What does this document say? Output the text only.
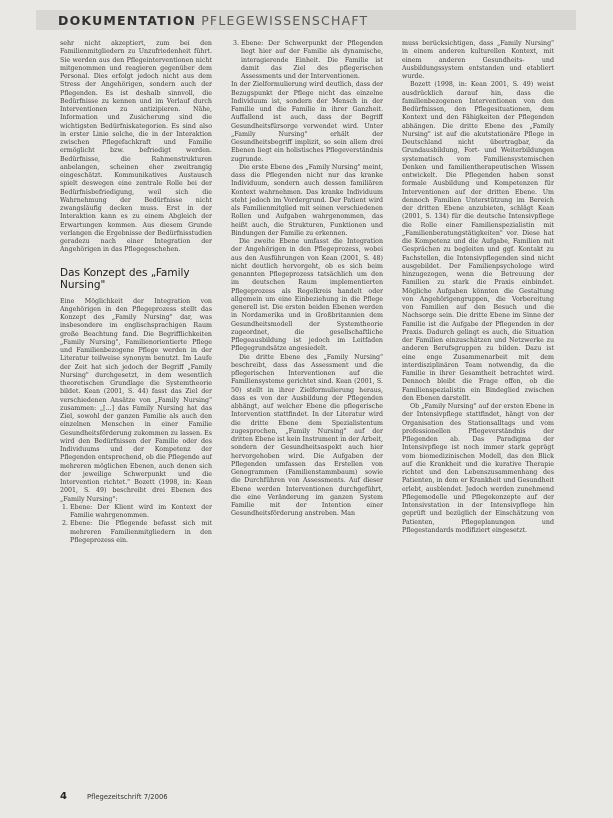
DOKUMENTATION PFLEGEWISSENSCHAFT

sehr nicht akzeptiert, zum bei den Familienmitgliedern zu Unzufriedenheit führt. Sie werden aus den Pflegeinterventionen nicht mitgenommen und reagieren gegenüber dem Personal. Dies erfolgt jedoch nicht aus dem Stress der Angehörigen, sondern auch der Pflegenden. Es ist deshalb sinnvoll, die Bedürfnisse zu kennen und im Verlauf durch Interventionen zu antizipieren. Nähe, Information und Zusicherung sind die wichtigsten Bedürfniskategorien. Es sind also in erster Linie solche, die in der Interaktion zwischen Pflegefachkraft und Familie ermöglicht bzw. befriedigt werden. Bedürfnisse, die Rahmenstrukturen anbelangen, scheinen eher zweitrangig eingeschätzt. Kommunikatives Austausch spielt deswegen eine zentrale Rolle bei der Bedürfnisbefriedigung, weil sich die Wahrnehmung der Bedürfnisse nicht zwangsläufig decken muss. Erst in der Interaktion kann es zu einem Abgleich der Erwartungen kommen. Aus diesem Grunde verlangen die Ergebnisse der Bedürfnisstudien geradezu nach einer Integration der Angehörigen in das Pflegegeschehen.

Das Konzept des „Family Nursing"

Eine Möglichkeit der Integration von Angehörigen in den Pflegeprozess stellt das Konzept des „Family Nursing" dar, was insbesondere im englischsprachigen Raum große Beachtung fand. Die Begrifflichkeiten „Family Nursing", Familienorientierte Pflege und Familienbezogene Pflege werden in der Literatur teilweise synonym benutzt. Im Laufe der Zeit hat sich jedoch der Begriff „Family Nursing" durchgesetzt, in dem wesentlich theoretischen Grundlage die Systemtheorie bildet. Kean (2001, S. 44) fasst das Ziel der verschiedenen Ansätze von „Family Nursing" zusammen: „[...] das Family Nursing hat das Ziel, sowohl der ganzen Familie als auch den einzelnen Menschen in einer Familie Gesundheitsförderung zukommen zu lassen. Es wird den Bedürfnissen der Familie oder des Individuums und der Kompetenz der Pflegenden entsprechend, ob die Pflegende auf mehreren möglichen Ebenen, auch denen sich der jeweilige Schwerpunkt und die Intervention richtet." Bozett (1998, in: Kean 2001, S. 49) beschreibt drei Ebenen des „Family Nursing":

1. Ebene: Der Klient wird im Kontext der Familie wahrgenommen.
2. Ebene: Die Pflegende befasst sich mit mehreren Familienmitgliedern in den Pflegeprozess ein.
3. Ebene: Der Schwerpunkt der Pflegenden liegt hier auf der Familie als dynamische, interagierende Einheit. Die Familie ist damit das Ziel des pflegerischen Assessments und der Interventionen.

In der Zielformulierung wird deutlich, dass der Bezugspunkt der Pflege nicht das einzelne Individuum ist, sondern der Mensch in der Familie und die Familie in ihrer Ganzheit. Auffallend ist auch, dass der Begriff Gesundheitsfürsorge verwendet wird. Unter „Family Nursing" erhält der Gesundheitsbegriff implizit, so sein allem drei Ebenen liegt ein holistisches Pflegeverständnis zugrunde.

Die erste Ebene des „Family Nursing" meint, dass die Pflegenden nicht nur das kranke Individuum, sondern auch dessen familiären Kontext wahrnehmen. Das kranke Individuum steht jedoch im Vordergrund. Der Patient wird als Familienmitglied mit seinen verschiedenen Rollen und Aufgaben wahrgenommen, das heißt auch, die Strukturen, Funktionen und Bindungen der Familie zu erkennen.

Die zweite Ebene umfasst die Integration der Angehörigen in den Pflegeprozess, wobei aus den Ausführungen von Kean (2001, S. 48) nicht deutlich hervorgeht, ob es sich beim genannten Pflegeprozess tatsächlich um den im deutschen Raum implementierten Pflegeprozess als Regelkreis handelt oder allgemein um eine Einbeziehung in die Pflege generell ist. Die ersten beiden Ebenen werden in Nordamerika und in Großbritannien dem Gesundheitsmodell der Systemtheorie zugeordnet, die gesellschaftliche Pflegeausbildung ist jedoch im Leitfaden Pflegegrundsätze angesiedelt.

Die dritte Ebene des „Family Nursing" beschreibt, dass das Assessment und die pflegerischen Interventionen auf die Familiensysteme gerichtet sind. Kean (2001, S. 50) stellt in ihrer Zielformulierung heraus, dass es von der Ausbildung der Pflegenden abhängt, auf welcher Ebene die pflegerische Intervention stattfindet. In der Literatur wird die dritte Ebene dem Spezialistentum zugesprochen, „Family Nursing" auf der dritten Ebene ist kein Instrument in der Arbeit, sondern der Gesundheitsaspekt auch hier hervorgehoben wird. Die Aufgaben der Pflegenden umfassen das Erstellen von Genogrammen (Familienstammbaum) sowie die Durchführen von Assessments. Auf dieser Ebene werden Interventionen durchgeführt, die eine Veränderung im ganzen System Familie mit der Intention einer Gesundheitsförderung anstreben. Man

muss berücksichtigen, dass „Family Nursing" in einem anderen kulturellen Kontext, mit einem anderen Gesundheits- und Ausbildungssystem entstanden und etabliert wurde.

Bozett (1998, in: Kean 2001, S. 49) weist ausdrücklich darauf hin, dass die familienbezogenen Interventionen von den Bedürfnissen, den Pflegesituationen, dem Kontext und den Fähigkeiten der Pflegenden abhängen. Die dritte Ebene des „Family Nursing" ist auf die akutstationäre Pflege in Deutschland nicht übertragbar, da Grundausbildung, Fort- und Weiterbildungen systematisch vom Familiensystemischen Denken und familientherapeutischen Wissen entwickelt. Die Pflegenden haben sonst formale Ausbildung und Kompetenzen für Interventionen auf der dritten Ebene. Um dennoch Familien Unterstützung im Bereich der dritten Ebene anzubieten, schlägt Kean (2001, S. 134) für die deutsche Intensivpflege die Rolle einer Familienspezialistin mit „Familienberatungstätigkeiten" vor. Diese hat die Kompetenz und die Aufgabe, Familien mit Gesprächen zu begleiten und ggf. Kontakt zu Fachstellen, die Intensivpflegenden sind nicht ausgebildet. Der Familienpsychologe wird hinzugezogen, wenn die Betreuung der Familien zu stark die Praxis einbindet. Mögliche Aufgaben könnten die Gestaltung von Angehörigengruppen, die Vorbereitung von Familien auf den Besuch und die Nachsorge sein. Die dritte Ebene im Sinne der Familie ist die Aufgabe der Pflegenden in der Praxis. Dadurch gelingt es auch, die Situation der Familien einzuschätzen und Netzwerke zu anderen Berufsgruppen zu bilden. Dazu ist eine enge Zusammenarbeit mit dem interdisziplinären Team notwendig, da die Familie in ihrer Gesamtheit betrachtet wird. Dennoch bleibt die Frage offen, ob die Familienspezialistin ein Bindeglied zwischen den Ebenen darstellt.

Ob „Family Nursing" auf der ersten Ebene in der Intensivpflege stattfindet, hängt von der Organisation des Stationsalltags und vom professionellen Pflegeverständnis der Pflegenden ab. Das Paradigma der Intensivpflege ist noch immer stark geprägt vom biomedizinischen Modell, das den Blick auf die Krankheit und die kurative Therapie richtet und den Lebenszusammenhang des Patienten, in dem er Krankheit und Gesundheit erlebt, ausblendet. Jedoch werden zunehmend Pflegemodelle und Pflegekonzepte auf der Intensivstation in der Intensivpflege hin geprüft und bezüglich der Einschätzung von Patienten, Pflegeplanungen und Pflegestandards modifiziert eingesetzt.

4	Pflegezeitschrift 7/2006
